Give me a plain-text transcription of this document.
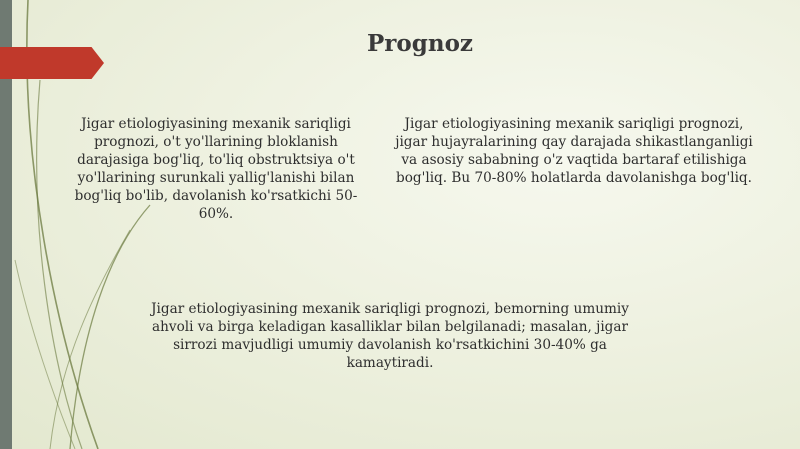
Prognoz
Jigar etiologiyasining mexanik sariqligi prognozi, o't yo'llarining bloklanish darajasiga bog'liq, to'liq obstruktsiya o't yo'llarining surunkali yallig'lanishi bilan bog'liq bo'lib, davolanish ko'rsatkichi 50-60%.
Jigar etiologiyasining mexanik sariqligi prognozi, jigar hujayralarining qay darajada shikastlanganligi va asosiy sababning o'z vaqtida bartaraf etilishiga bog'liq. Bu 70-80% holatlarda davolanishga bog'liq.
Jigar etiologiyasining mexanik sariqligi prognozi, bemorning umumiy ahvoli va birga keladigan kasalliklar bilan belgilanadi; masalan, jigar sirrozi mavjudligi umumiy davolanish ko'rsatkichini 30-40% ga kamaytiradi.
